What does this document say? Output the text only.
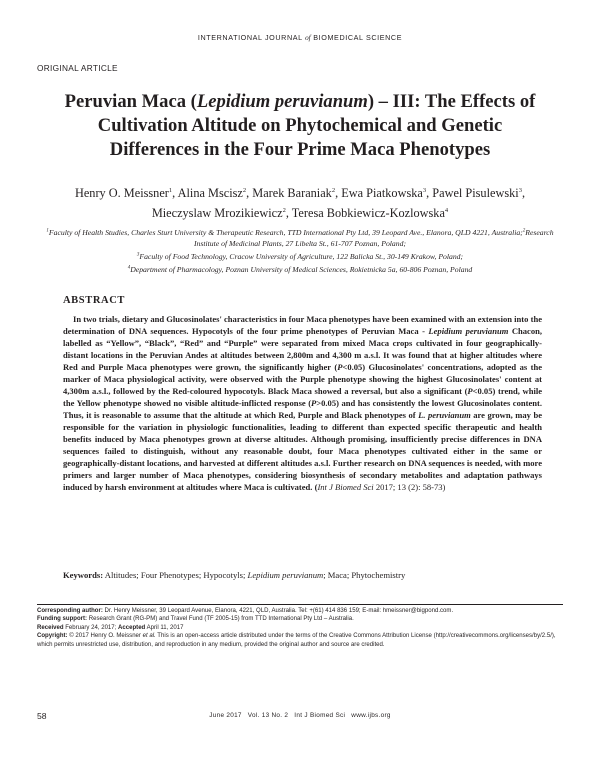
INTERNATIONAL JOURNAL of BIOMEDICAL SCIENCE
ORIGINAL ARTICLE
Peruvian Maca (Lepidium peruvianum) – III: The Effects of
Cultivation Altitude on Phytochemical and Genetic
Differences in the Four Prime Maca Phenotypes
Henry O. Meissner$^1$, Alina Mscisz$^2$, Marek Baraniak$^2$, Ewa Piatkowska$^3$, Pawel Pisulewski$^3$, Mieczyslaw Mrozikiewicz$^2$, Teresa Bobkiewicz-Kozlowska$^4$
$^1$Faculty of Health Studies, Charles Sturt University & Therapeutic Research, TTD International Pty Ltd, 39 Leopard Ave., Elanora, QLD 4221, Australia;$^2$Research Institute of Medicinal Plants, 27 Libelta St., 61-707 Poznan, Poland;
$^3$Faculty of Food Technology, Cracow University of Agriculture, 122 Balicka St., 30-149 Krakow, Poland;
$^4$Department of Pharmacology, Poznan University of Medical Sciences, Rokietnicka 5a, 60-806 Poznan, Poland
ABSTRACT
In two trials, dietary and Glucosinolates' characteristics in four Maca phenotypes have been examined with an extension into the determination of DNA sequences. Hypocotyls of the four prime phenotypes of Peruvian Maca - Lepidium peruvianum Chacon, labelled as “Yellow”, “Black”, “Red” and “Purple” were separated from mixed Maca crops cultivated in four geographically-distant locations in the Peruvian Andes at altitudes between 2,800m and 4,300 m a.s.l. It was found that at higher altitudes where Red and Purple Maca phenotypes were grown, the significantly higher (P<0.05) Glucosinolates' concentrations, adopted as the marker of Maca physiological activity, were observed with the Purple phenotype showing the highest Glucosinolates' content at 4,300m a.s.l., followed by the Red-coloured hypocotyls. Black Maca showed a reversal, but also a significant (P<0.05) trend, while the Yellow phenotype showed no visible altitude-inflicted response (P>0.05) and has consistently the lowest Glucosinolates content. Thus, it is reasonable to assume that the altitude at which Red, Purple and Black phenotypes of L. peruvianum are grown, may be responsible for the variation in physiologic functionalities, leading to different than expected specific therapeutic and health benefits induced by Maca phenotypes grown at diverse altitudes. Although promising, insufficiently precise differences in DNA sequences failed to distinguish, without any reasonable doubt, four Maca phenotypes cultivated either in the same or geographically-distant locations, and harvested at different altitudes a.s.l. Further research on DNA sequences is needed, with more primers and larger number of Maca phenotypes, considering biosynthesis of secondary metabolites and adaptation pathways induced by harsh environment at altitudes where Maca is cultivated. (Int J Biomed Sci 2017; 13 (2): 58-73)
Keywords: Altitudes; Four Phenotypes; Hypocotyls; Lepidium peruvianum; Maca; Phytochemistry
Corresponding author: Dr. Henry Meissner, 39 Leopard Avenue, Elanora, 4221, QLD, Australia. Tel: +(61) 414 836 159; E-mail: hmeissner@bigpond.com.
Funding support: Research Grant (RG-PM) and Travel Fund (TF 2005-15) from TTD International Pty Ltd – Australia.
Received February 24, 2017; Accepted April 11, 2017
Copyright: © 2017 Henry O. Meissner et al. This is an open-access article distributed under the terms of the Creative Commons Attribution License (http://creativecommons.org/licenses/by/2.5/), which permits unrestricted use, distribution, and reproduction in any medium, provided the original author and source are credited.
58	June 2017 Vol. 13 No. 2 Int J Biomed Sci www.ijbs.org
